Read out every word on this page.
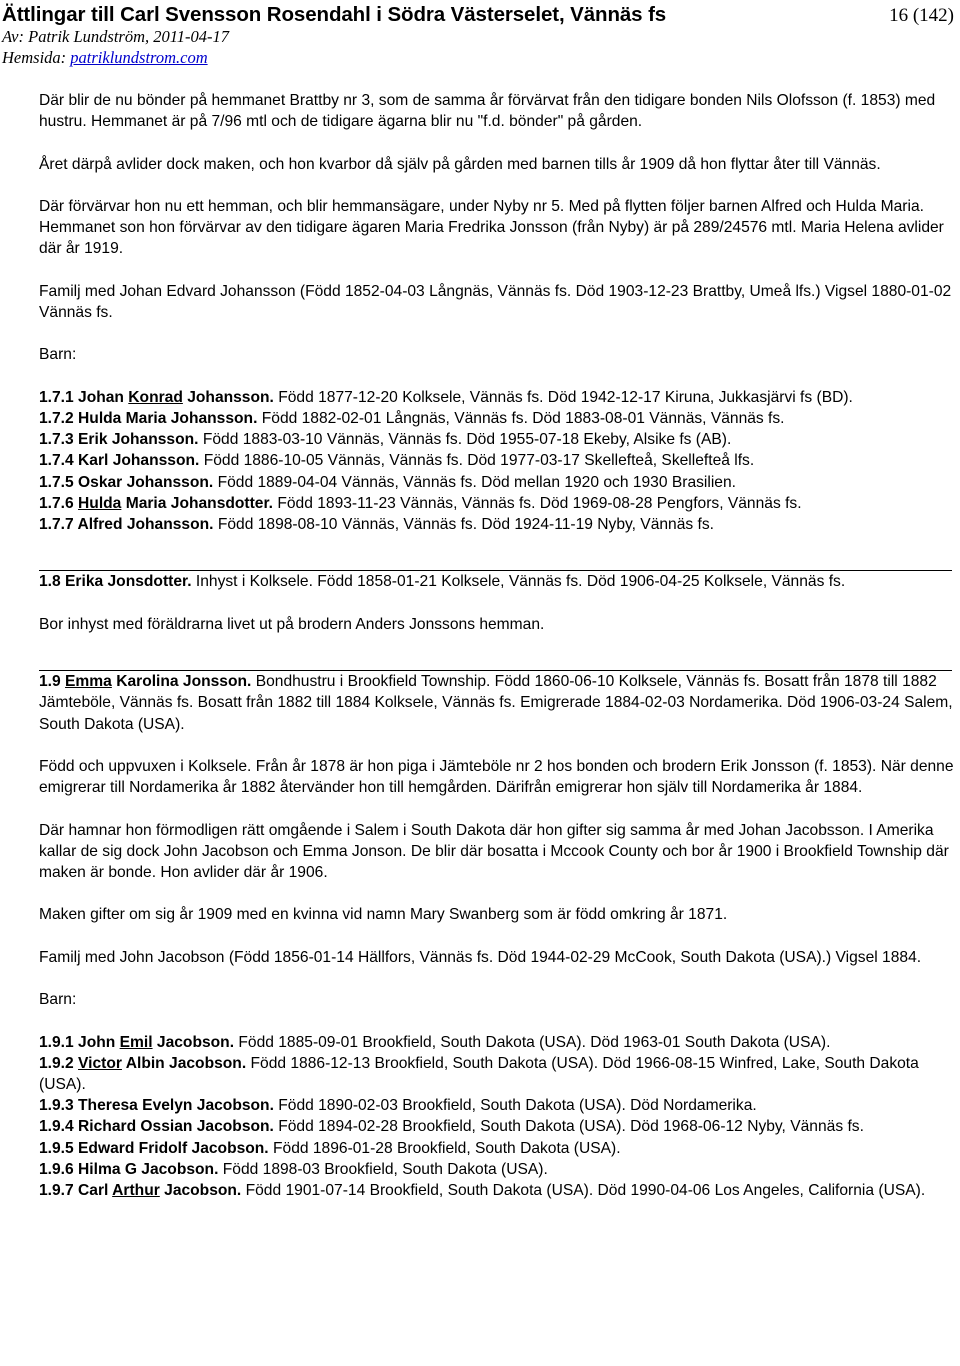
Ättlingar till Carl Svensson Rosendahl i Södra Västerselet, Vännäs fs	16 (142)
Av: Patrik Lundström, 2011-04-17
Hemsida: patriklundstrom.com

Där blir de nu bönder på hemmanet Brattby nr 3, som de samma år förvärvat från den tidigare bonden Nils Olofsson (f. 1853) med hustru. Hemmanet är på 7/96 mtl och de tidigare ägarna blir nu "f.d. bönder" på gården.

Året därpå avlider dock maken, och hon kvarbor då själv på gården med barnen tills år 1909 då hon flyttar åter till Vännäs.

Där förvärvar hon nu ett hemman, och blir hemmansägare, under Nyby nr 5. Med på flytten följer barnen Alfred och Hulda Maria. Hemmanet son hon förvärvar av den tidigare ägaren Maria Fredrika Jonsson (från Nyby) är på 289/24576 mtl. Maria Helena avlider där år 1919.

Familj med Johan Edvard Johansson (Född 1852-04-03 Långnäs, Vännäs fs. Död 1903-12-23 Brattby, Umeå lfs.) Vigsel 1880-01-02 Vännäs fs.

Barn:

1.7.1 Johan Konrad Johansson. Född 1877-12-20 Kolksele, Vännäs fs. Död 1942-12-17 Kiruna, Jukkasjärvi fs (BD).

1.7.2 Hulda Maria Johansson. Född 1882-02-01 Långnäs, Vännäs fs. Död 1883-08-01 Vännäs, Vännäs fs.

1.7.3 Erik Johansson. Född 1883-03-10 Vännäs, Vännäs fs. Död 1955-07-18 Ekeby, Alsike fs (AB).

1.7.4 Karl Johansson. Född 1886-10-05 Vännäs, Vännäs fs. Död 1977-03-17 Skellefteå, Skellefteå lfs.

1.7.5 Oskar Johansson. Född 1889-04-04 Vännäs, Vännäs fs. Död mellan 1920 och 1930 Brasilien.

1.7.6 Hulda Maria Johansdotter. Född 1893-11-23 Vännäs, Vännäs fs. Död 1969-08-28 Pengfors, Vännäs fs.

1.7.7 Alfred Johansson. Född 1898-08-10 Vännäs, Vännäs fs. Död 1924-11-19 Nyby, Vännäs fs.

1.8 Erika Jonsdotter. Inhyst i Kolksele. Född 1858-01-21 Kolksele, Vännäs fs. Död 1906-04-25 Kolksele, Vännäs fs.

Bor inhyst med föräldrarna livet ut på brodern Anders Jonssons hemman.

1.9 Emma Karolina Jonsson. Bondhustru i Brookfield Township. Född 1860-06-10 Kolksele, Vännäs fs. Bosatt från 1878 till 1882 Jämteböle, Vännäs fs. Bosatt från 1882 till 1884 Kolksele, Vännäs fs. Emigrerade 1884-02-03 Nordamerika. Död 1906-03-24 Salem, South Dakota (USA).

Född och uppvuxen i Kolksele. Från år 1878 är hon piga i Jämteböle nr 2 hos bonden och brodern Erik Jonsson (f. 1853). När denne emigrerar till Nordamerika år 1882 återvänder hon till hemgården. Därifrån emigrerar hon själv till Nordamerika år 1884.

Där hamnar hon förmodligen rätt omgående i Salem i South Dakota där hon gifter sig samma år med Johan Jacobsson. I Amerika kallar de sig dock John Jacobson och Emma Jonson. De blir där bosatta i Mccook County och bor år 1900 i Brookfield Township där maken är bonde. Hon avlider där år 1906.

Maken gifter om sig år 1909 med en kvinna vid namn Mary Swanberg som är född omkring år 1871.

Familj med John Jacobson (Född 1856-01-14 Hällfors, Vännäs fs. Död 1944-02-29 McCook, South Dakota (USA).) Vigsel 1884.

Barn:

1.9.1 John Emil Jacobson. Född 1885-09-01 Brookfield, South Dakota (USA). Död 1963-01 South Dakota (USA).

1.9.2 Victor Albin Jacobson. Född 1886-12-13 Brookfield, South Dakota (USA). Död 1966-08-15 Winfred, Lake, South Dakota (USA).

1.9.3 Theresa Evelyn Jacobson. Född 1890-02-03 Brookfield, South Dakota (USA). Död Nordamerika.

1.9.4 Richard Ossian Jacobson. Född 1894-02-28 Brookfield, South Dakota (USA). Död 1968-06-12 Nyby, Vännäs fs.

1.9.5 Edward Fridolf Jacobson. Född 1896-01-28 Brookfield, South Dakota (USA).

1.9.6 Hilma G Jacobson. Född 1898-03 Brookfield, South Dakota (USA).

1.9.7 Carl Arthur Jacobson. Född 1901-07-14 Brookfield, South Dakota (USA). Död 1990-04-06 Los Angeles, California (USA).
